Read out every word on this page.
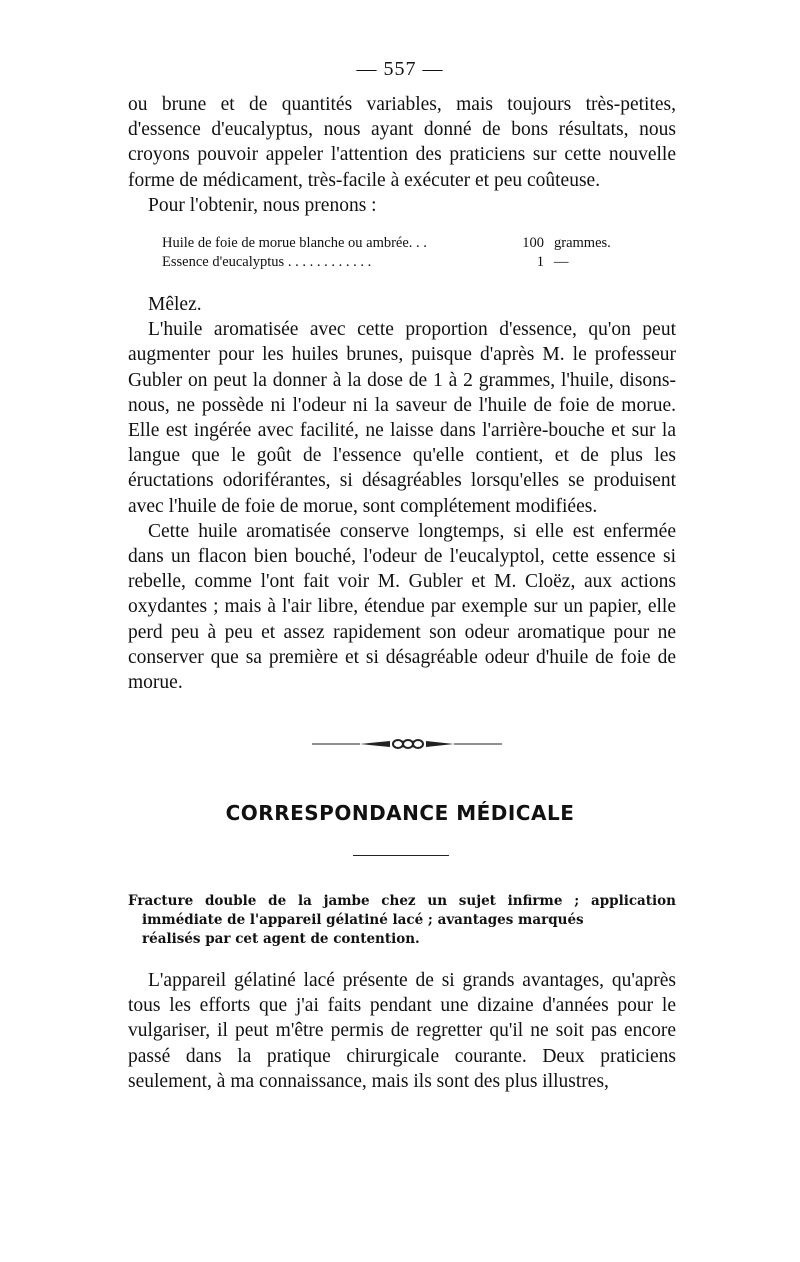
— 557 —

ou brune et de quantités variables, mais toujours très-petites, d'essence d'eucalyptus, nous ayant donné de bons résultats, nous croyons pouvoir appeler l'attention des praticiens sur cette nouvelle forme de médicament, très-facile à exécuter et peu coûteuse.

Pour l'obtenir, nous prenons :

Huile de foie de morue blanche ou ambrée. . .	100 grammes.
Essence d'eucalyptus . . . . . . . . . . . .	1 —

Mêlez.

L'huile aromatisée avec cette proportion d'essence, qu'on peut augmenter pour les huiles brunes, puisque d'après M. le professeur Gubler on peut la donner à la dose de 1 à 2 grammes, l'huile, disons-nous, ne possède ni l'odeur ni la saveur de l'huile de foie de morue. Elle est ingérée avec facilité, ne laisse dans l'arrière-bouche et sur la langue que le goût de l'essence qu'elle contient, et de plus les éructations odoriférantes, si désagréables lorsqu'elles se produisent avec l'huile de foie de morue, sont complétement modifiées.

Cette huile aromatisée conserve longtemps, si elle est enfermée dans un flacon bien bouché, l'odeur de l'eucalyptol, cette essence si rebelle, comme l'ont fait voir M. Gubler et M. Cloëz, aux actions oxydantes ; mais à l'air libre, étendue par exemple sur un papier, elle perd peu à peu et assez rapidement son odeur aromatique pour ne conserver que sa première et si désagréable odeur d'huile de foie de morue.

CORRESPONDANCE MÉDICALE

Fracture double de la jambe chez un sujet infirme ; application

immédiate de l'appareil gélatiné lacé ; avantages marqués

réalisés par cet agent de contention.

L'appareil gélatiné lacé présente de si grands avantages, qu'après tous les efforts que j'ai faits pendant une dizaine d'années pour le vulgariser, il peut m'être permis de regretter qu'il ne soit pas encore passé dans la pratique chirurgicale courante. Deux praticiens seulement, à ma connaissance, mais ils sont des plus illustres,
